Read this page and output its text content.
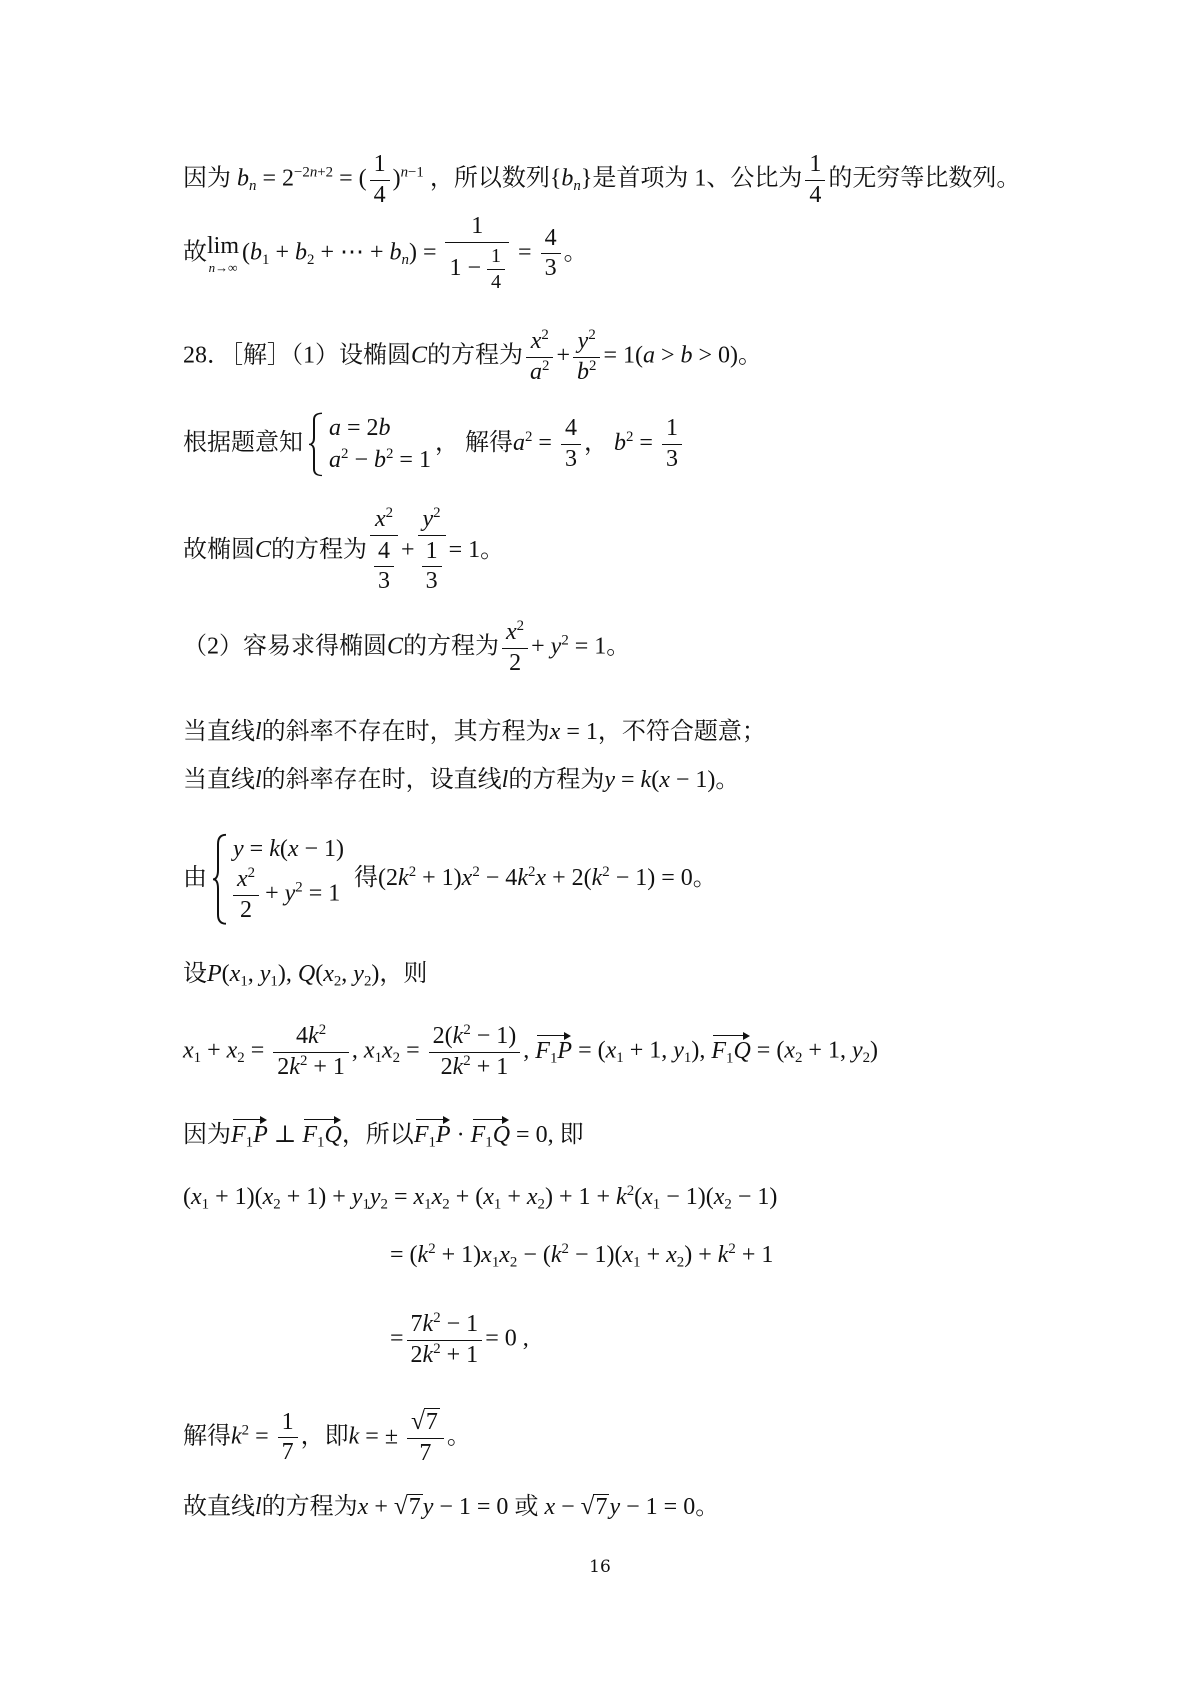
因为 $b_n = 2^{-2n+2}$ = ( $\frac{1}{4} )^{n-1}$ ，所以数列$\{b_n\}$是首项为 1、公比为 $\frac{1}{4}$ 的无穷等比数列。
故lim
n→∞
($b_1 + b_2$ + ⋯ + $b_n) = \frac{1}{1 - \frac{1}{4}} = \frac{4}{3}$ 。
28．［解］（1）设椭圆C的方程为 $\frac{x^2}{a^2} + \frac{y^2}{b^2} = 1(a > b > 0)$。
根据题意知
a = 2b
$a^2 - b^2 = 1$
， 解得$a^2 = \frac{4}{3}$ ， $b^2 = \frac{1}{3}$
故椭圆C的方程为 $\frac{x^2}{\frac{4}{3}} + \frac{y^2}{\frac{1}{3}} = 1$。
（2）容易求得椭圆C的方程为 $\frac{x^2}{2} + y^2 = 1$。
当直线l的斜率不存在时，其方程为x = 1，不符合题意；
当直线l的斜率存在时，设直线l的方程为y = k(x − 1)。
由
y = k(x − 1)
$\frac{x^2}{2} + y^2 = 1$
得$(2k^2 + 1)x^2 - 4k^2x + 2(k^2 - 1) = 0$。
设$P(x_1$, $y_1$), $Q(x_2$, $y_2$)，则
$x_1 + x_2 = \frac{4k^2}{2k^2 + 1}$ , $x_1x_2 = \frac{2(k^2 - 1)}{2k^2 + 1}$ , $F_1P = (x_1 + 1$, $y_1$), $F_1Q = (x_2 + 1$, $y_2$)
因为$F_1P$ ⊥ $F_1Q$，所以$F_1P \cdot F_1Q = 0$, 即
$(x_1 + 1)(x_2 + 1) + y_1y_2 = x_1x_2 + (x_1 + x_2) + 1 + k^2(x_1 - 1)(x_2 - 1)$
= $(k^2 + 1)x_1x_2 - (k^2 - 1)(x_1 + x_2) + k^2 + 1$
= $\frac{7k^2 - 1}{2k^2 + 1} = 0$ ,
解得$k^2 = \frac{1}{7}$ ，即k = ± $\frac{√7}{7}$ 。
故直线l的方程为x + √7y − 1 = 0 或 x − √7y − 1 = 0。
16
